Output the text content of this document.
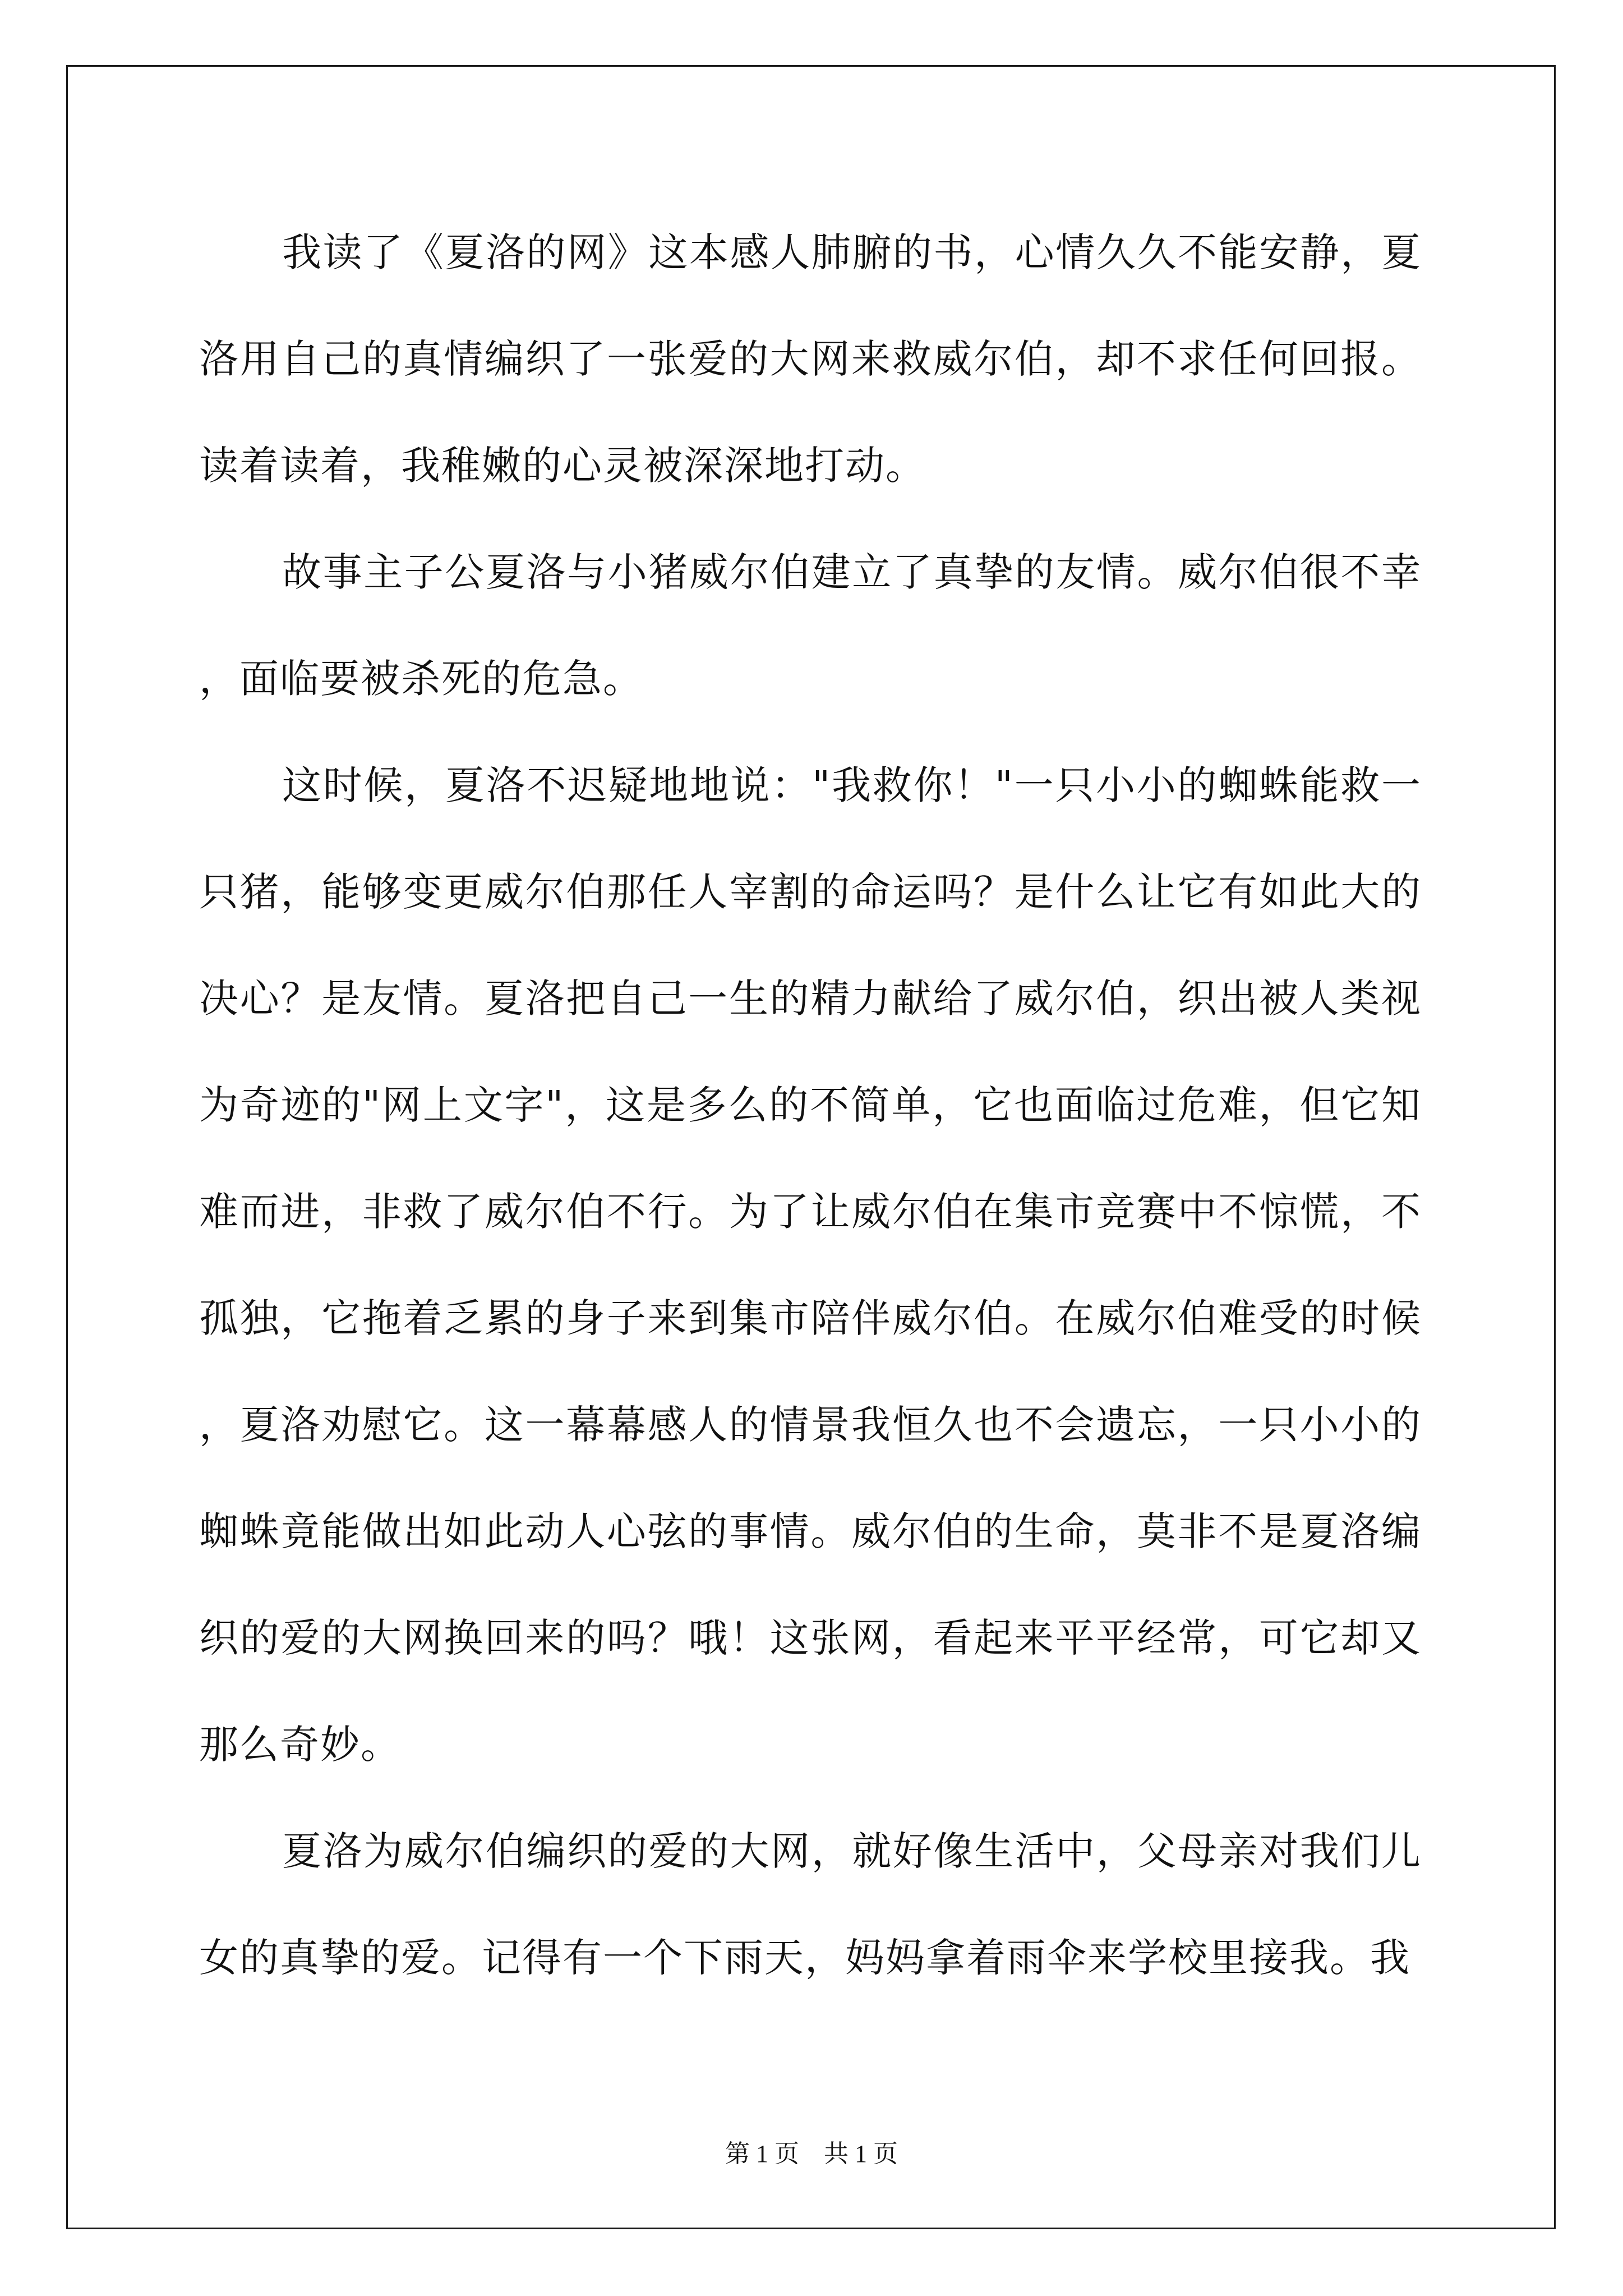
我读了《夏洛的网》这本感人肺腑的书，心情久久不能安静，夏洛用自己的真情编织了一张爱的大网来救威尔伯，却不求任何回报。读着读着，我稚嫩的心灵被深深地打动。

故事主子公夏洛与小猪威尔伯建立了真挚的友情。威尔伯很不幸，面临要被杀死的危急。

这时候，夏洛不迟疑地地说："我救你！"一只小小的蜘蛛能救一只猪，能够变更威尔伯那任人宰割的命运吗？是什么让它有如此大的决心？是友情。夏洛把自己一生的精力献给了威尔伯，织出被人类视为奇迹的"网上文字"，这是多么的不简单，它也面临过危难，但它知难而进，非救了威尔伯不行。为了让威尔伯在集市竞赛中不惊慌，不孤独，它拖着乏累的身子来到集市陪伴威尔伯。在威尔伯难受的时候，夏洛劝慰它。这一幕幕感人的情景我恒久也不会遗忘，一只小小的蜘蛛竟能做出如此动人心弦的事情。威尔伯的生命，莫非不是夏洛编织的爱的大网换回来的吗？哦！这张网，看起来平平经常，可它却又那么奇妙。

夏洛为威尔伯编织的爱的大网，就好像生活中，父母亲对我们儿女的真挚的爱。记得有一个下雨天，妈妈拿着雨伞来学校里接我。我

第 1 页 共 1 页
